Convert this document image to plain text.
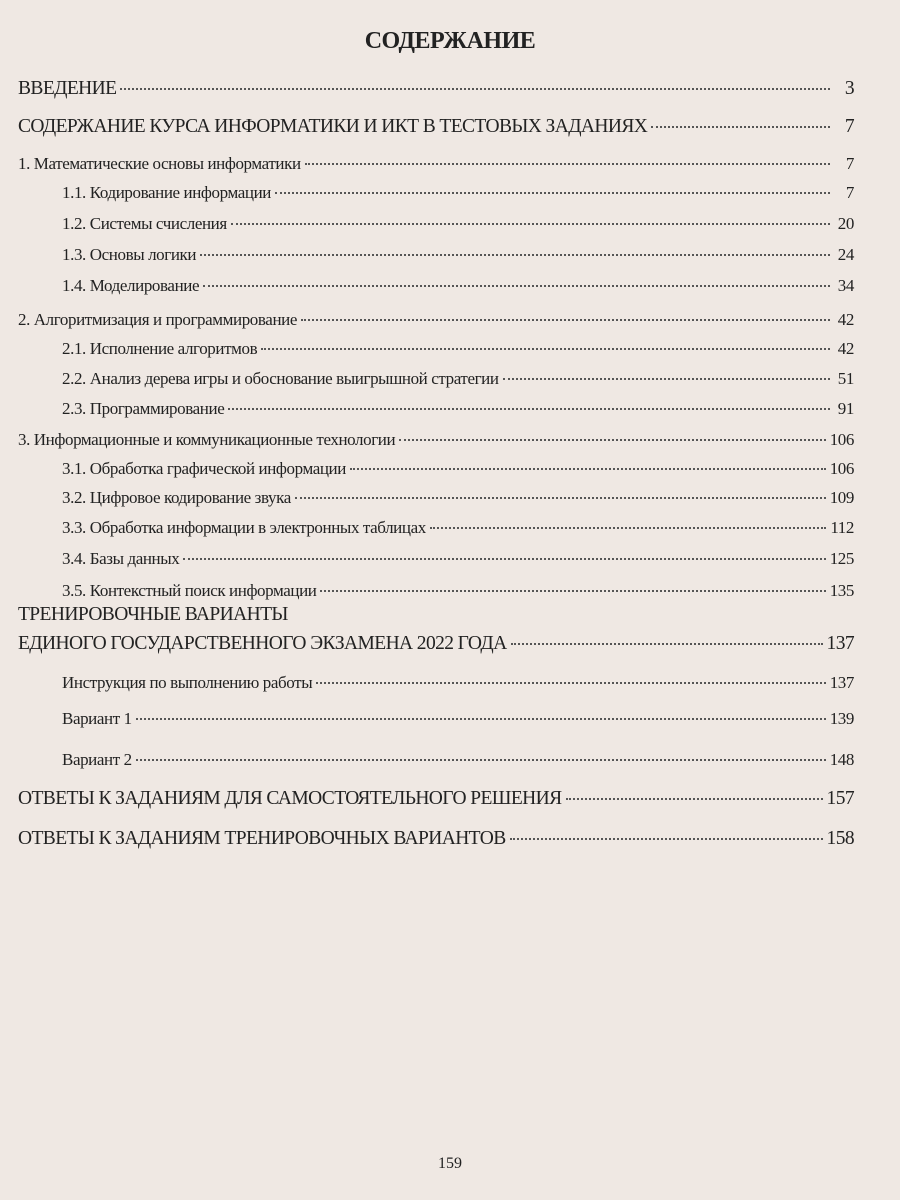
СОДЕРЖАНИЕ
ВВЕДЕНИЕ	3
СОДЕРЖАНИЕ КУРСА ИНФОРМАТИКИ И ИКТ В ТЕСТОВЫХ ЗАДАНИЯХ	7
1. Математические основы информатики	7
1.1. Кодирование информации	7
1.2. Системы счисления	20
1.3. Основы логики	24
1.4. Моделирование	34
2. Алгоритмизация и программирование	42
2.1. Исполнение алгоритмов	42
2.2. Анализ дерева игры и обоснование выигрышной стратегии	51
2.3. Программирование	91
3. Информационные и коммуникационные технологии	106
3.1. Обработка графической информации	106
3.2. Цифровое кодирование звука	109
3.3. Обработка информации в электронных таблицах	112
3.4. Базы данных	125
3.5. Контекстный поиск информации	135
ТРЕНИРОВОЧНЫЕ ВАРИАНТЫ
ЕДИНОГО ГОСУДАРСТВЕННОГО ЭКЗАМЕНА 2022 ГОДА	137
Инструкция по выполнению работы	137
Вариант 1	139
Вариант 2	148
ОТВЕТЫ К ЗАДАНИЯМ ДЛЯ САМОСТОЯТЕЛЬНОГО РЕШЕНИЯ	157
ОТВЕТЫ К ЗАДАНИЯМ ТРЕНИРОВОЧНЫХ ВАРИАНТОВ	158
159
